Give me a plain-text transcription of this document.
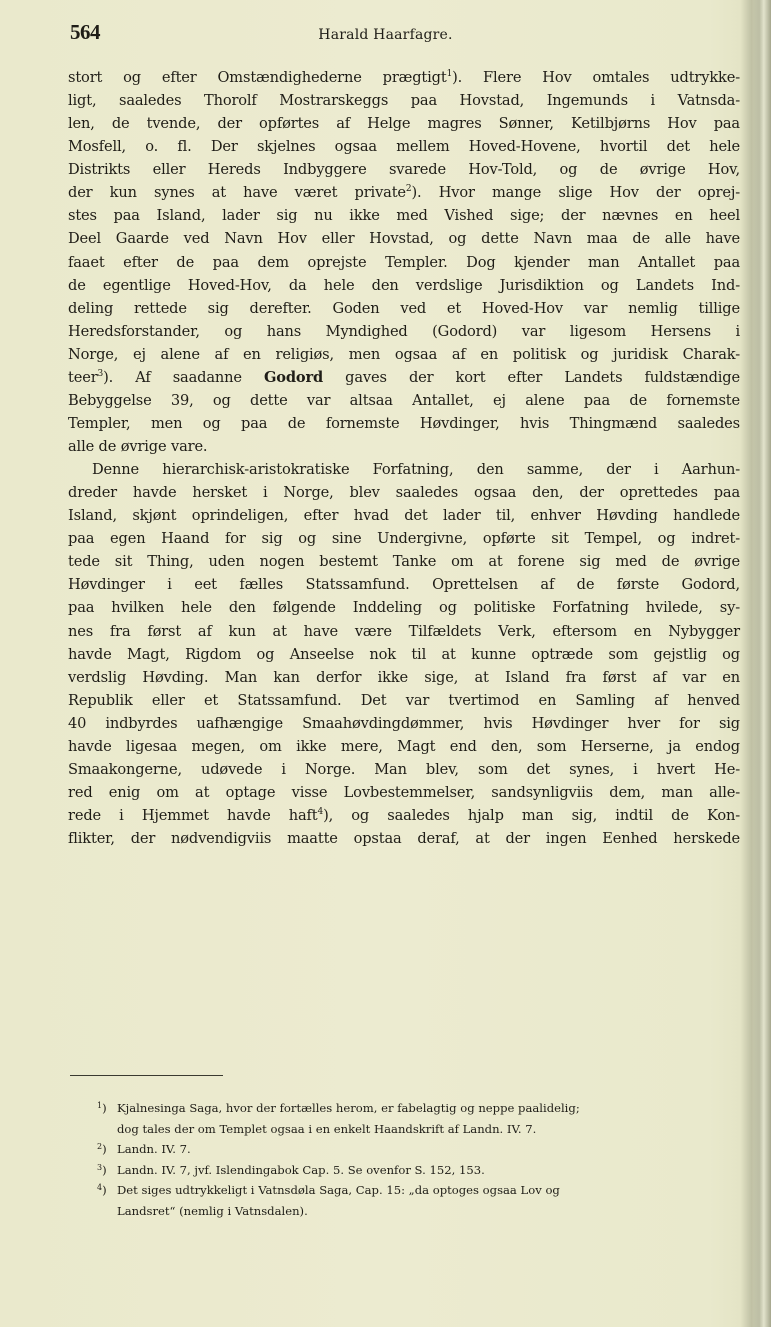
564	Harald Haarfagre.
stort og efter Omstændighederne prægtigt$^1$). Flere Hov omtales udtrykke-
ligt, saaledes Thorolf Mostrarskeggs paa Hovstad, Ingemunds i Vatnsda-
len, de tvende, der opførtes af Helge magres Sønner, Ketilbjørns Hov paa
Mosfell, o. fl. Der skjelnes ogsaa mellem Hoved-Hovene, hvortil det hele
Distrikts eller Hereds Indbyggere svarede Hov-Told, og de øvrige Hov,
der kun synes at have været private$^2$). Hvor mange slige Hov der oprej-
stes paa Island, lader sig nu ikke med Vished sige; der nævnes en heel
Deel Gaarde ved Navn Hov eller Hovstad, og dette Navn maa de alle have
faaet efter de paa dem oprejste Templer. Dog kjender man Antallet paa
de egentlige Hoved-Hov, da hele den verdslige Jurisdiktion og Landets Ind-
deling rettede sig derefter. Goden ved et Hoved-Hov var nemlig tillige
Heredsforstander, og hans Myndighed (Godord) var ligesom Hersens i
Norge, ej alene af en religiøs, men ogsaa af en politisk og juridisk Charak-
teer$^3$). Af saadanne Godord gaves der kort efter Landets fuldstændige
Bebyggelse 39, og dette var altsaa Antallet, ej alene paa de fornemste
Templer, men og paa de fornemste Høvdinger, hvis Thingmænd saaledes
alle de øvrige vare.
Denne hierarchisk-aristokratiske Forfatning, den samme, der i Aarhun-
dreder havde hersket i Norge, blev saaledes ogsaa den, der oprettedes paa
Island, skjønt oprindeligen, efter hvad det lader til, enhver Høvding handlede
paa egen Haand for sig og sine Undergivne, opførte sit Tempel, og indret-
tede sit Thing, uden nogen bestemt Tanke om at forene sig med de øvrige
Høvdinger i eet fælles Statssamfund. Oprettelsen af de første Godord,
paa hvilken hele den følgende Inddeling og politiske Forfatning hvilede, sy-
nes fra først af kun at have være Tilfældets Verk, eftersom en Nybygger
havde Magt, Rigdom og Anseelse nok til at kunne optræde som gejstlig og
verdslig Høvding. Man kan derfor ikke sige, at Island fra først af var en
Republik eller et Statssamfund. Det var tvertimod en Samling af henved
40 indbyrdes uafhængige Smaahøvdingdømmer, hvis Høvdinger hver for sig
havde ligesaa megen, om ikke mere, Magt end den, som Herserne, ja endog
Smaakongerne, udøvede i Norge. Man blev, som det synes, i hvert He-
red enig om at optage visse Lovbestemmelser, sandsynligviis dem, man alle-
rede i Hjemmet havde haft$^4$), og saaledes hjalp man sig, indtil de Kon-
flikter, der nødvendigviis maatte opstaa deraf, at der ingen Eenhed herskede
$^1$) Kjalnesinga Saga, hvor der fortælles herom, er fabelagtig og neppe paalidelig;
dog tales der om Templet ogsaa i en enkelt Haandskrift af Landn. IV. 7.
$^2$) Landn. IV. 7.
$^3$) Landn. IV. 7, jvf. Islendingabok Cap. 5. Se ovenfor S. 152, 153.
$^4$) Det siges udtrykkeligt i Vatnsdøla Saga, Cap. 15: „da optoges ogsaa Lov og
Landsret“ (nemlig i Vatnsdalen).
